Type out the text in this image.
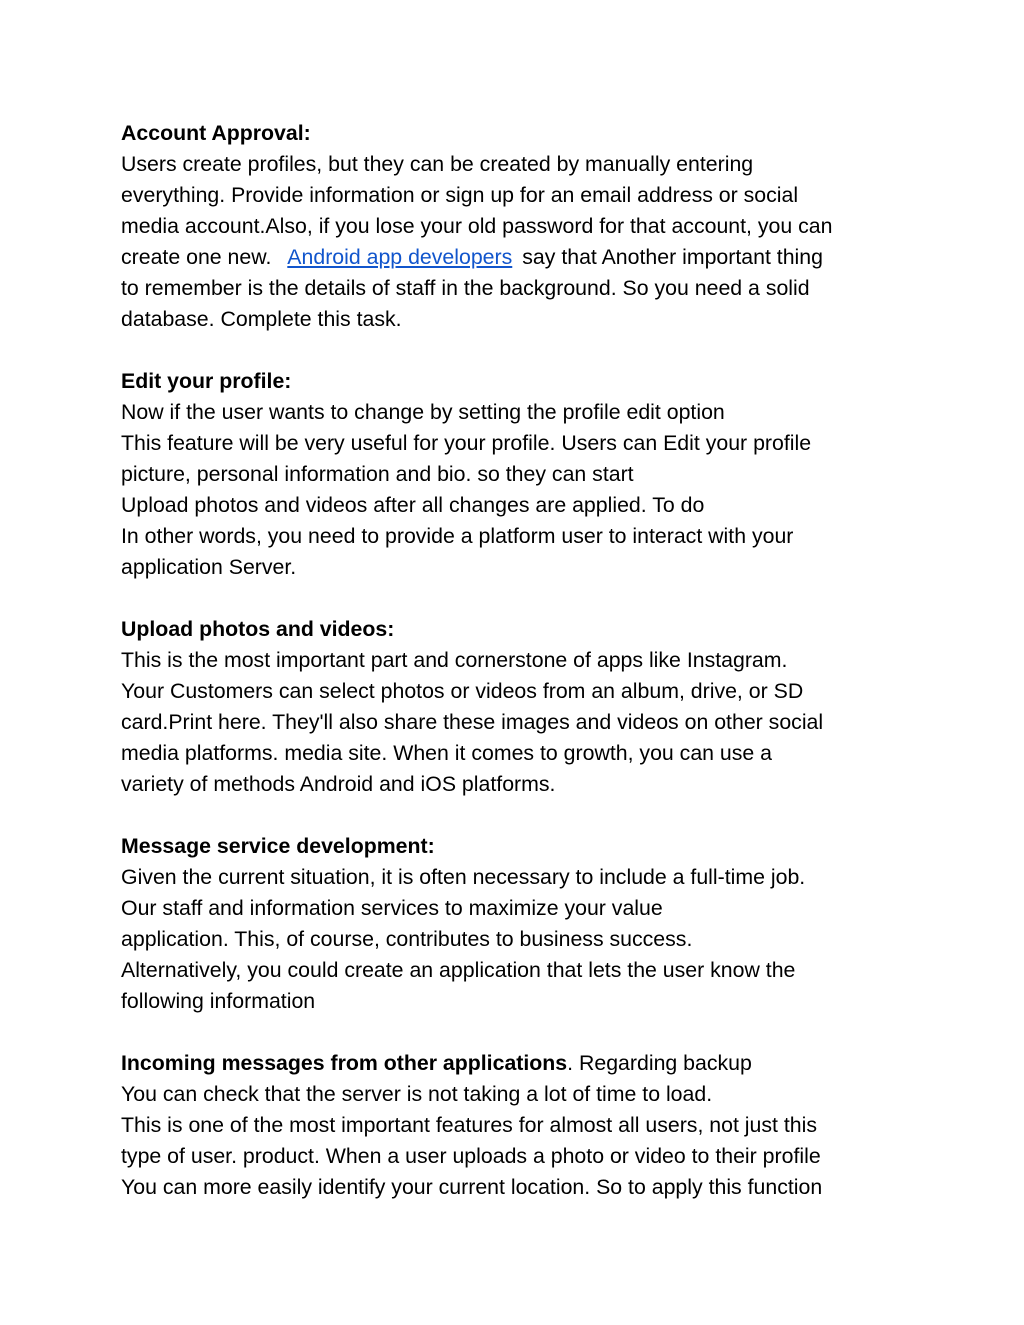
Account Approval:
Users create profiles, but they can be created by manually entering
everything. Provide information or sign up for an email address or social
media account.Also, if you lose your old password for that account, you can
create one new. Android app developers say that Another important thing
to remember is the details of staff in the background. So you need a solid
database. Complete this task.
Edit your profile:
Now if the user wants to change by setting the profile edit option
This feature will be very useful for your profile. Users can Edit your profile
picture, personal information and bio. so they can start
Upload photos and videos after all changes are applied. To do
In other words, you need to provide a platform user to interact with your
application Server.
Upload photos and videos:
This is the most important part and cornerstone of apps like Instagram.
Your Customers can select photos or videos from an album, drive, or SD
card.Print here. They'll also share these images and videos on other social
media platforms. media site. When it comes to growth, you can use a
variety of methods Android and iOS platforms.
Message service development:
Given the current situation, it is often necessary to include a full-time job.
Our staff and information services to maximize your value
application. This, of course, contributes to business success.
Alternatively, you could create an application that lets the user know the
following information
Incoming messages from other applications. Regarding backup
You can check that the server is not taking a lot of time to load.
This is one of the most important features for almost all users, not just this
type of user. product. When a user uploads a photo or video to their profile
You can more easily identify your current location. So to apply this function
